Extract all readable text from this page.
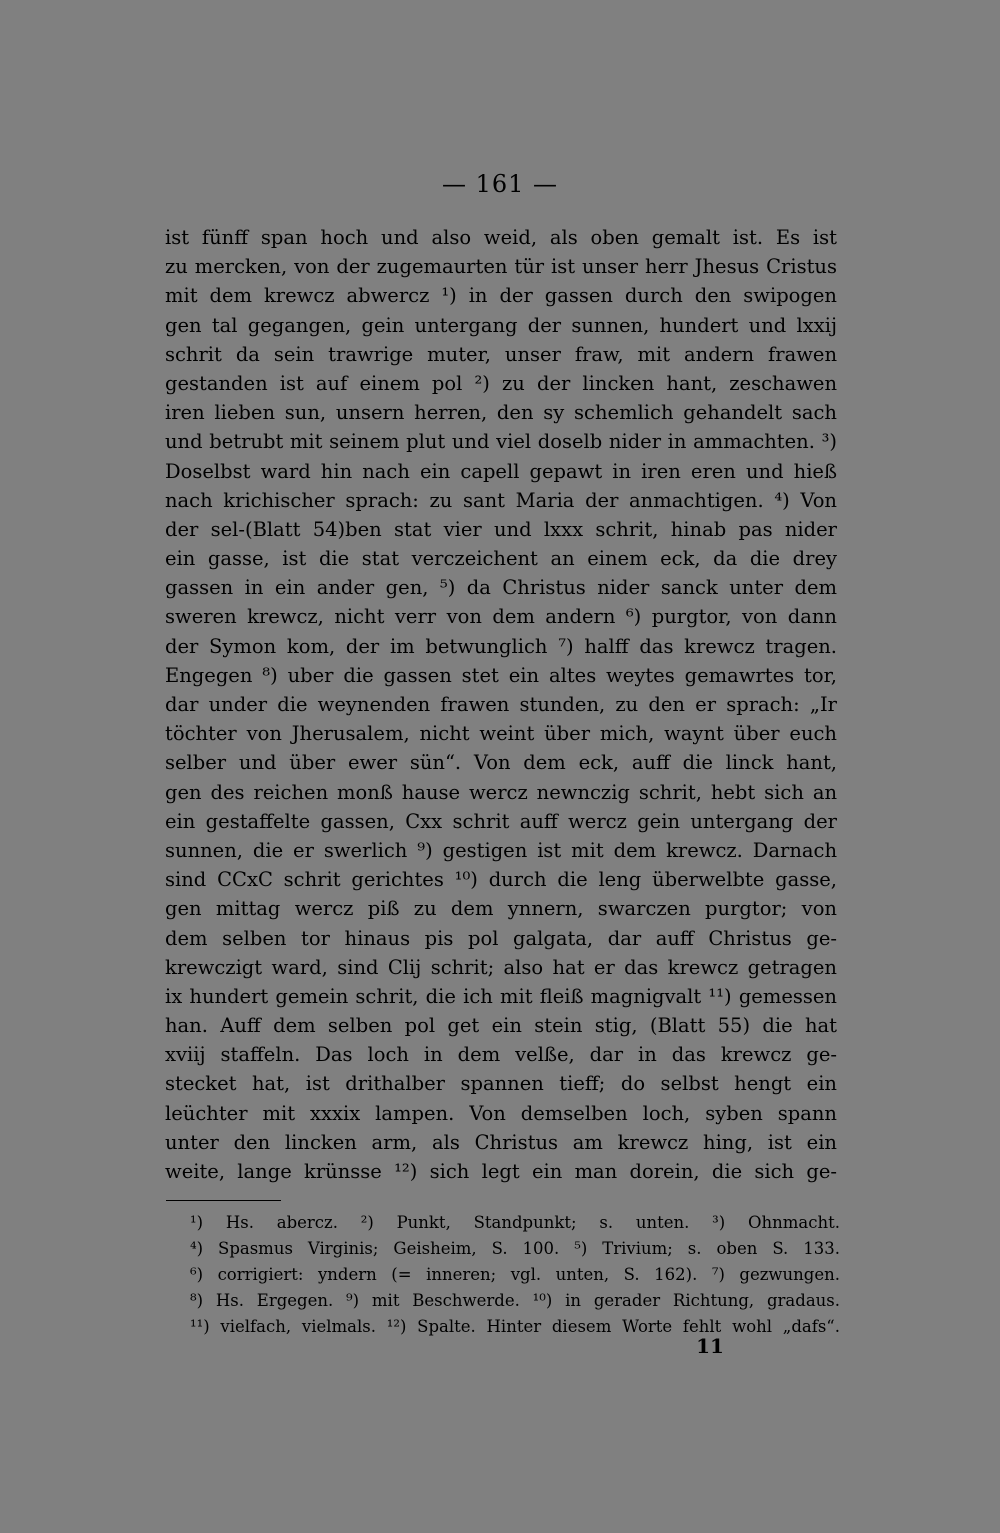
— 161 —
ist fünff span hoch und also weid, als oben gemalt ist. Es ist
zu mercken, von der zugemaurten tür ist unser herr Jhesus Cristus
mit dem krewcz abwercz ¹) in der gassen durch den swipogen
gen tal gegangen, gein untergang der sunnen, hundert und lxxij
schrit da sein trawrige muter, unser fraw, mit andern frawen
gestanden ist auf einem pol ²) zu der lincken hant, zeschawen
iren lieben sun, unsern herren, den sy schemlich gehandelt sach
und betrubt mit seinem plut und viel doselb nider in ammachten. ³)
Doselbst ward hin nach ein capell gepawt in iren eren und hieß
nach krichischer sprach: zu sant Maria der anmachtigen. ⁴) Von
der sel-(Blatt 54)ben stat vier und lxxx schrit, hinab pas nider
ein gasse, ist die stat verczeichent an einem eck, da die drey
gassen in ein ander gen, ⁵) da Christus nider sanck unter dem
sweren krewcz, nicht verr von dem andern ⁶) purgtor, von dann
der Symon kom, der im betwunglich ⁷) halff das krewcz tragen.
Engegen ⁸) uber die gassen stet ein altes weytes gemawrtes tor,
dar under die weynenden frawen stunden, zu den er sprach: „Ir
töchter von Jherusalem, nicht weint über mich, waynt über euch
selber und über ewer sün“. Von dem eck, auff die linck hant,
gen des reichen monß hause wercz newnczig schrit, hebt sich an
ein gestaffelte gassen, Cxx schrit auff wercz gein untergang der
sunnen, die er swerlich ⁹) gestigen ist mit dem krewcz. Darnach
sind CCxC schrit gerichtes ¹⁰) durch die leng überwelbte gasse,
gen mittag wercz piß zu dem ynnern, swarczen purgtor; von
dem selben tor hinaus pis pol galgata, dar auff Christus ge-
krewczigt ward, sind Clij schrit; also hat er das krewcz getragen
ix hundert gemein schrit, die ich mit fleiß magnigvalt ¹¹) gemessen
han. Auff dem selben pol get ein stein stig, (Blatt 55) die hat
xviij staffeln. Das loch in dem velße, dar in das krewcz ge-
stecket hat, ist drithalber spannen tieff; do selbst hengt ein
leüchter mit xxxix lampen. Von demselben loch, syben spann
unter den lincken arm, als Christus am krewcz hing, ist ein
weite, lange krünsse ¹²) sich legt ein man dorein, die sich ge-
¹) Hs. abercz. ²) Punkt, Standpunkt; s. unten. ³) Ohnmacht.
⁴) Spasmus Virginis; Geisheim, S. 100. ⁵) Trivium; s. oben S. 133.
⁶) corrigiert: yndern (= inneren; vgl. unten, S. 162). ⁷) gezwungen.
⁸) Hs. Ergegen. ⁹) mit Beschwerde. ¹⁰) in gerader Richtung, gradaus.
¹¹) vielfach, vielmals. ¹²) Spalte. Hinter diesem Worte fehlt wohl „dafs“.
11
